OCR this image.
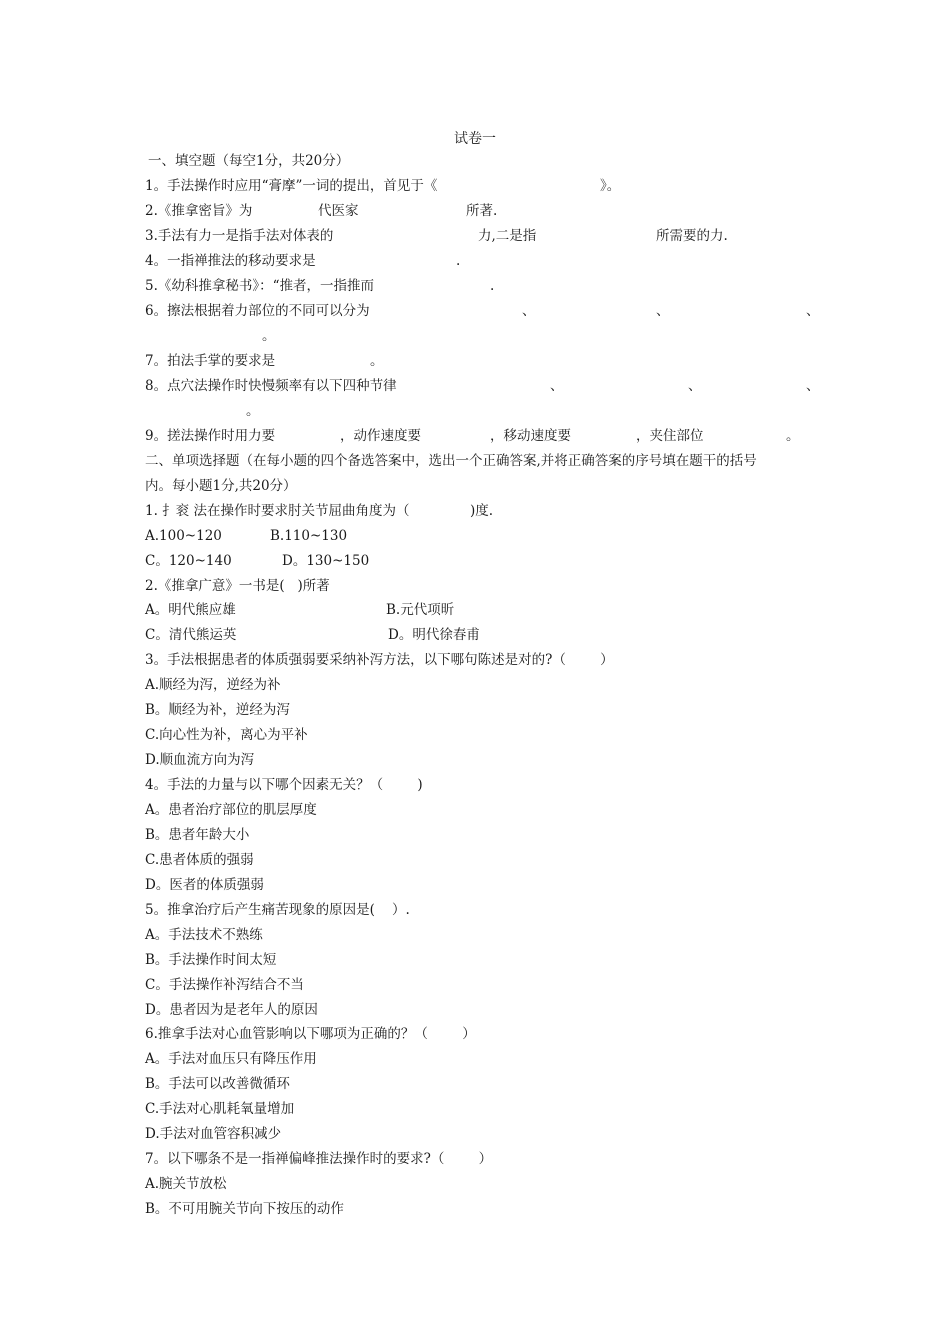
试卷一
一、填空题（每空1分，共20分）
1。手法操作时应用“膏摩”一词的提出，首见于《	》。
2.《推拿密旨》为	代医家	所著.
3.手法有力一是指手法对体表的	力,二是指	所需要的力.
4。一指禅推法的移动要求是	.
5.《幼科推拿秘书》：“推者，一指推而	.
6。擦法根据着力部位的不同可以分为	、	、	、
。
7。拍法手掌的要求是	。
8。点穴法操作时快慢频率有以下四种节律	、	、	、
。
9。搓法操作时用力要	，动作速度要	，移动速度要	，夹住部位	。
二、单项选择题（在每小题的四个备选答案中，选出一个正确答案,并将正确答案的序号填在题干的括号
内。每小题1分,共20分）
1. 扌衮 法在操作时要求肘关节屈曲角度为（	)度.
A.100~120	B.110~130
C。120~140	D。130~150
2.《推拿广意》一书是(   )所著
A。明代熊应雄	B.元代项昕
C。清代熊运英	D。明代徐春甫
3。手法根据患者的体质强弱要采纳补泻方法，以下哪句陈述是对的?（        ）
A.顺经为泻，逆经为补
B。顺经为补，逆经为泻
C.向心性为补，离心为平补
D.顺血流方向为泻
4。手法的力量与以下哪个因素无关？（        )
A。患者治疗部位的肌层厚度
B。患者年龄大小
C.患者体质的强弱
D。医者的体质强弱
5。推拿治疗后产生痛苦现象的原因是(    ）.
A。手法技术不熟练
B。手法操作时间太短
C。手法操作补泻结合不当
D。患者因为是老年人的原因
6.推拿手法对心血管影响以下哪项为正确的？（        ）
A。手法对血压只有降压作用
B。手法可以改善微循环
C.手法对心肌耗氧量增加
D.手法对血管容积减少
7。以下哪条不是一指禅偏峰推法操作时的要求?（        ）
A.腕关节放松
B。不可用腕关节向下按压的动作
